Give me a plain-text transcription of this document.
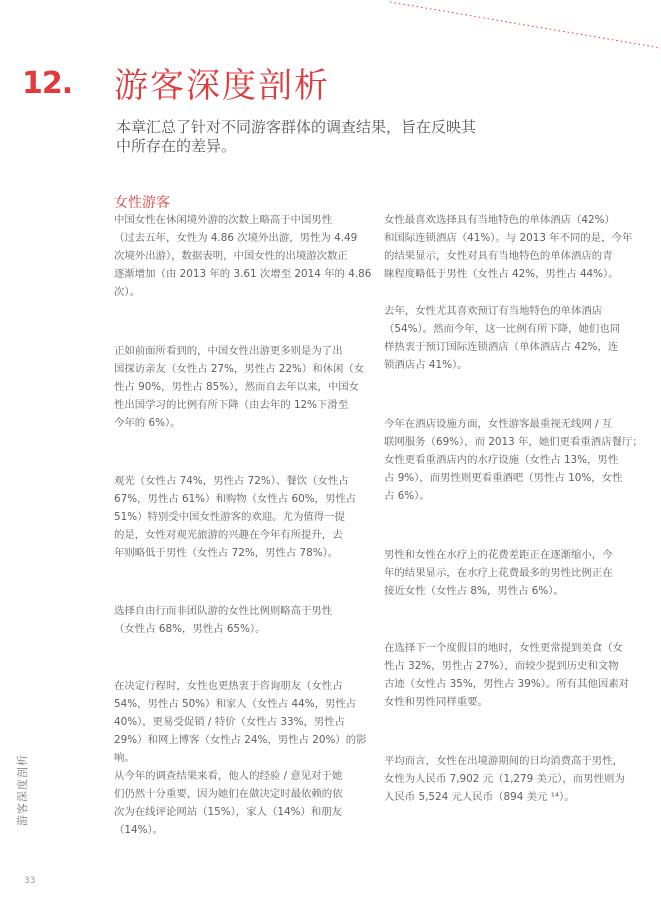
12. 游客深度剖析
本章汇总了针对不同游客群体的调查结果，旨在反映其
中所存在的差异。
女性游客
中国女性在休闲境外游的次数上略高于中国男性
（过去五年，女性为 4.86 次境外出游，男性为 4.49
次境外出游），数据表明，中国女性的出境游次数正
逐渐增加（由 2013 年的 3.61 次增至 2014 年的 4.86
次）。
正如前面所看到的，中国女性出游更多则是为了出
国探访亲友（女性占 27%，男性占 22%）和休闲（女
性占 90%，男性占 85%），然而自去年以来，中国女
性出国学习的比例有所下降（由去年的 12%下滑至
今年的 6%）。
观光（女性占 74%，男性占 72%）、餐饮（女性占
67%，男性占 61%）和购物（女性占 60%，男性占
51%）特别受中国女性游客的欢迎。尤为值得一提
的是，女性对观光旅游的兴趣在今年有所提升，去
年则略低于男性（女性占 72%，男性占 78%）。
选择自由行而非团队游的女性比例则略高于男性
（女性占 68%，男性占 65%）。
在决定行程时，女性也更热衷于咨询朋友（女性占
54%，男性占 50%）和家人（女性占 44%，男性占
40%），更易受促销 / 特价（女性占 33%，男性占
29%）和网上博客（女性占 24%，男性占 20%）的影响。
从今年的调查结果来看，他人的经验 / 意见对于她
们仍然十分重要，因为她们在做决定时最依赖的依
次为在线评论网站（15%），家人（14%）和朋友（14%）。
女性最喜欢选择具有当地特色的单体酒店（42%）
和国际连锁酒店（41%）。与 2013 年不同的是，今年
的结果显示，女性对具有当地特色的单体酒店的青
睐程度略低于男性（女性占 42%，男性占 44%）。
去年，女性尤其喜欢预订有当地特色的单体酒店
（54%）。然而今年，这一比例有所下降，她们也同
样热衷于预订国际连锁酒店（单体酒店占 42%，连
锁酒店占 41%）。
今年在酒店设施方面，女性游客最重视无线网 / 互
联网服务（69%），而 2013 年，她们更看重酒店餐厅；
女性更看重酒店内的水疗设施（女性占 13%，男性
占 9%），而男性则更看重酒吧（男性占 10%，女性
占 6%）。
男性和女性在水疗上的花费差距正在逐渐缩小，今
年的结果显示，在水疗上花费最多的男性比例正在
接近女性（女性占 8%，男性占 6%）。
在选择下一个度假目的地时，女性更常提到美食（女
性占 32%，男性占 27%），而较少提到历史和文物
古迹（女性占 35%，男性占 39%）。所有其他因素对
女性和男性同样重要。
平均而言，女性在出境游期间的日均消费高于男性，
女性为人民币 7,902 元（1,279 美元），而男性则为
人民币 5,524 元人民币（894 美元 ¹⁴）。
游客深度剖析
33
